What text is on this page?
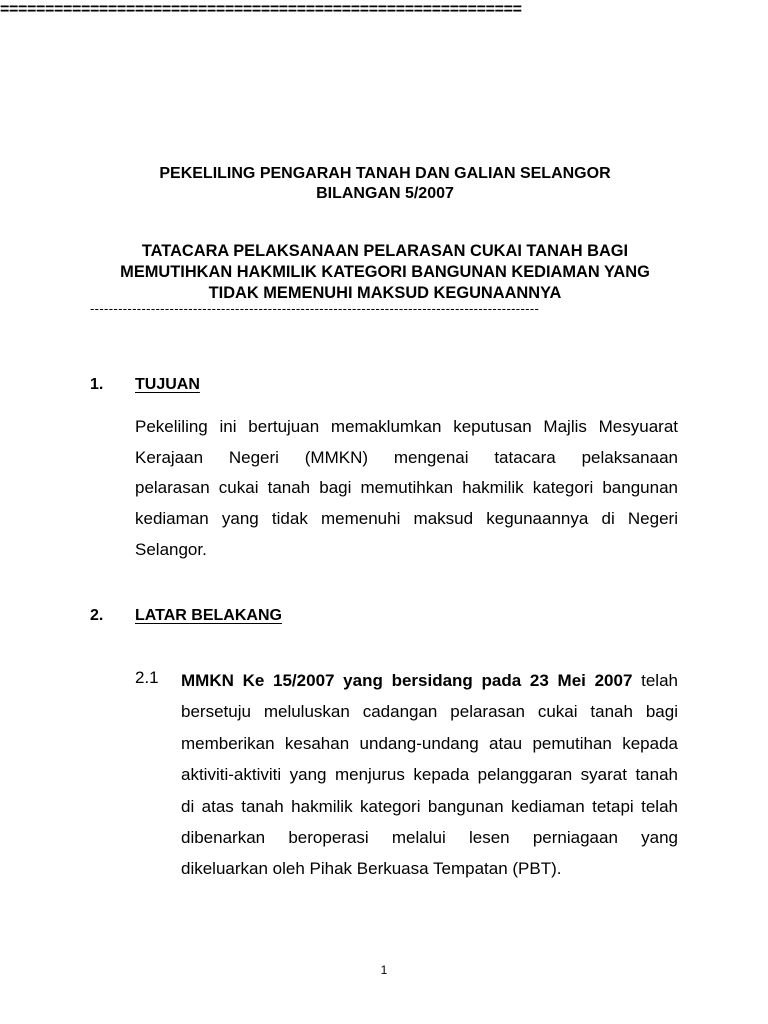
PEKELILING PENGARAH TANAH DAN GALIAN SELANGOR
BILANGAN 5/2007
==========================================================
TATACARA PELAKSANAAN PELARASAN CUKAI TANAH BAGI
MEMUTIHKAN HAKMILIK KATEGORI BANGUNAN KEDIAMAN YANG
TIDAK MEMENUHI MAKSUD KEGUNAANNYA
------------------------------------------------------------------------------------------------
1. TUJUAN
Pekeliling ini bertujuan memaklumkan keputusan Majlis Mesyuarat
Kerajaan Negeri (MMKN) mengenai tatacara pelaksanaan
pelarasan cukai tanah bagi memutihkan hakmilik kategori bangunan
kediaman yang tidak memenuhi maksud kegunaannya di Negeri
Selangor.
2. LATAR BELAKANG
2.1 MMKN Ke 15/2007 yang bersidang pada 23 Mei 2007 telah
bersetuju meluluskan cadangan pelarasan cukai tanah bagi
memberikan kesahan undang-undang atau pemutihan kepada
aktiviti-aktiviti yang menjurus kepada pelanggaran syarat tanah
di atas tanah hakmilik kategori bangunan kediaman tetapi telah
dibenarkan beroperasi melalui lesen perniagaan yang
dikeluarkan oleh Pihak Berkuasa Tempatan (PBT).
1
